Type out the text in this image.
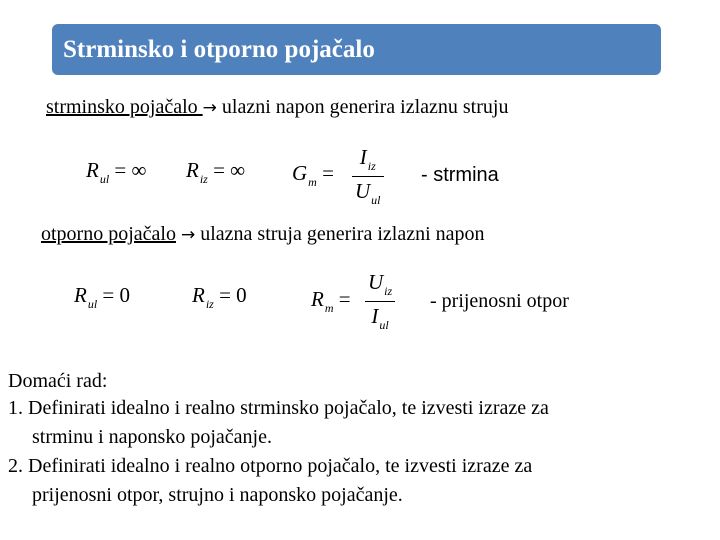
Strminsko i otporno pojačalo
strminsko pojačalo → ulazni napon generira izlaznu struju
$R_{ul}$ = ∞ $R_{iz}$ = ∞ $G_m$ =
$I_{iz}$
$U_{ul}$
- strmina
otporno pojačalo → ulazna struja generira izlazni napon
$R_{ul} = 0$	$R_{iz} = 0$	$R_m$ =
$U_{iz}$
$I_{ul}$
- prijenosni otpor
Domaći rad:
1. Definirati idealno i realno strminsko pojačalo, te izvesti izraze za
strminu i naponsko pojačanje.
2. Definirati idealno i realno otporno pojačalo, te izvesti izraze za
prijenosni otpor, strujno i naponsko pojačanje.
